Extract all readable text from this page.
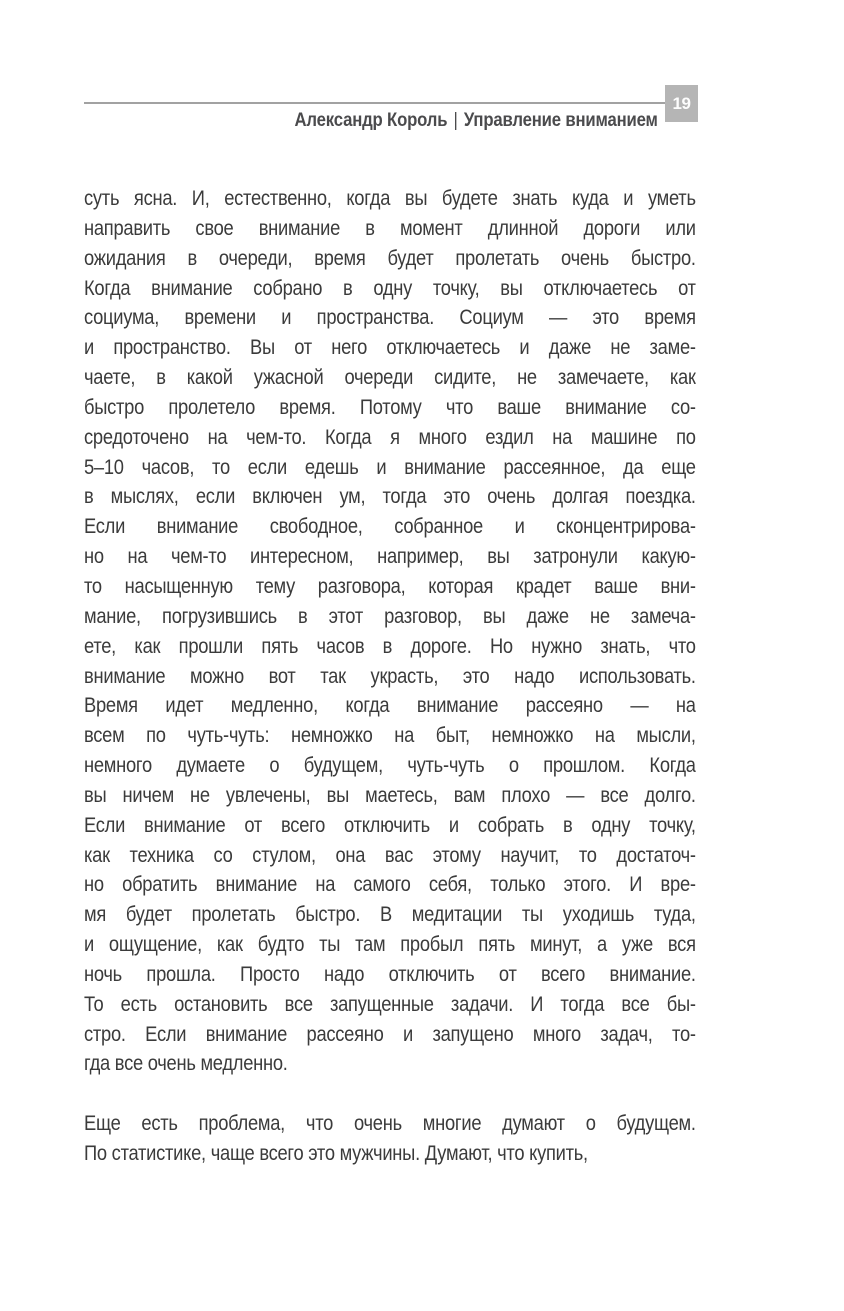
19
Александр Король | Управление вниманием
суть ясна. И, естественно, когда вы будете знать куда и уметь
направить свое внимание в момент длинной дороги или
ожидания в очереди, время будет пролетать очень быстро.
Когда внимание собрано в одну точку, вы отключаетесь от
социума, времени и пространства. Социум — это время
и пространство. Вы от него отключаетесь и даже не заме-
чаете, в какой ужасной очереди сидите, не замечаете, как
быстро пролетело время. Потому что ваше внимание со-
средоточено на чем-то. Когда я много ездил на машине по
5–10 часов, то если едешь и внимание рассеянное, да еще
в мыслях, если включен ум, тогда это очень долгая поездка.
Если внимание свободное, собранное и сконцентрирова-
но на чем-то интересном, например, вы затронули какую-
то насыщенную тему разговора, которая крадет ваше вни-
мание, погрузившись в этот разговор, вы даже не замеча-
ете, как прошли пять часов в дороге. Но нужно знать, что
внимание можно вот так украсть, это надо использовать.
Время идет медленно, когда внимание рассеяно — на
всем по чуть-чуть: немножко на быт, немножко на мысли,
немного думаете о будущем, чуть-чуть о прошлом. Когда
вы ничем не увлечены, вы маетесь, вам плохо — все долго.
Если внимание от всего отключить и собрать в одну точку,
как техника со стулом, она вас этому научит, то достаточ-
но обратить внимание на самого себя, только этого. И вре-
мя будет пролетать быстро. В медитации ты уходишь туда,
и ощущение, как будто ты там пробыл пять минут, а уже вся
ночь прошла. Просто надо отключить от всего внимание.
То есть остановить все запущенные задачи. И тогда все бы-
стро. Если внимание рассеяно и запущено много задач, то-
гда все очень медленно.
Еще есть проблема, что очень многие думают о будущем.
По статистике, чаще всего это мужчины. Думают, что купить,
